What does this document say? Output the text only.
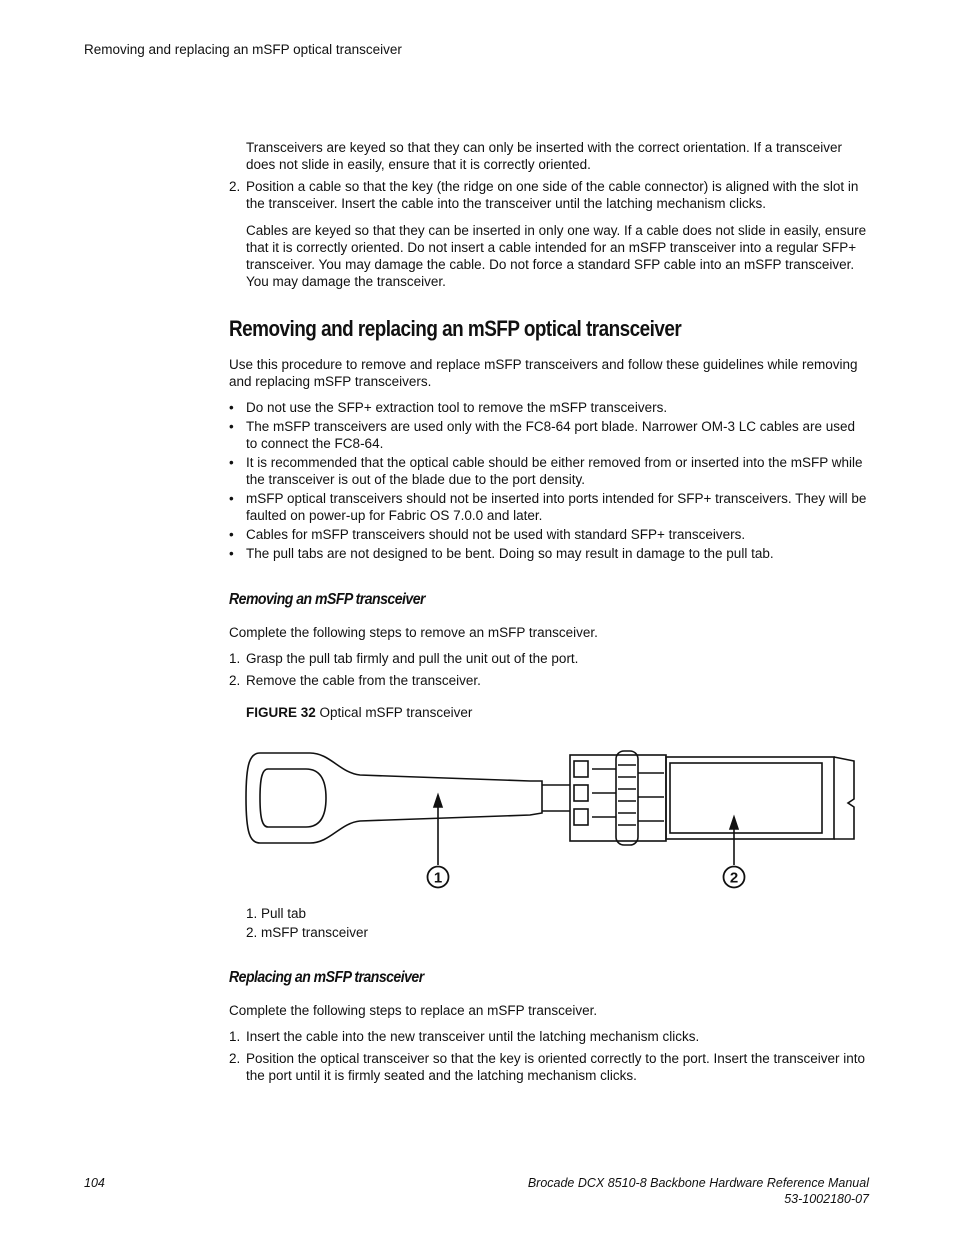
Removing and replacing an mSFP optical transceiver

Transceivers are keyed so that they can only be inserted with the correct orientation. If a transceiver does not slide in easily, ensure that it is correctly oriented.

2. Position a cable so that the key (the ridge on one side of the cable connector) is aligned with the slot in the transceiver. Insert the cable into the transceiver until the latching mechanism clicks.

Cables are keyed so that they can be inserted in only one way. If a cable does not slide in easily, ensure that it is correctly oriented. Do not insert a cable intended for an mSFP transceiver into a regular SFP+ transceiver. You may damage the cable. Do not force a standard SFP cable into an mSFP transceiver. You may damage the transceiver.

Removing and replacing an mSFP optical transceiver

Use this procedure to remove and replace mSFP transceivers and follow these guidelines while removing and replacing mSFP transceivers.

• Do not use the SFP+ extraction tool to remove the mSFP transceivers.
• The mSFP transceivers are used only with the FC8-64 port blade. Narrower OM-3 LC cables are used to connect the FC8-64.
• It is recommended that the optical cable should be either removed from or inserted into the mSFP while the transceiver is out of the blade due to the port density.
• mSFP optical transceivers should not be inserted into ports intended for SFP+ transceivers. They will be faulted on power-up for Fabric OS 7.0.0 and later.
• Cables for mSFP transceivers should not be used with standard SFP+ transceivers.
• The pull tabs are not designed to be bent. Doing so may result in damage to the pull tab.
Removing an mSFP transceiver

Complete the following steps to remove an mSFP transceiver.

1. Grasp the pull tab firmly and pull the unit out of the port.
2. Remove the cable from the transceiver.
FIGURE 32 Optical mSFP transceiver
1	2
1. Pull tab
2. mSFP transceiver
Replacing an mSFP transceiver

Complete the following steps to replace an mSFP transceiver.

1. Insert the cable into the new transceiver until the latching mechanism clicks.
2. Position the optical transceiver so that the key is oriented correctly to the port. Insert the transceiver into the port until it is firmly seated and the latching mechanism clicks.
104	Brocade DCX 8510-8 Backbone Hardware Reference Manual
53-1002180-07
